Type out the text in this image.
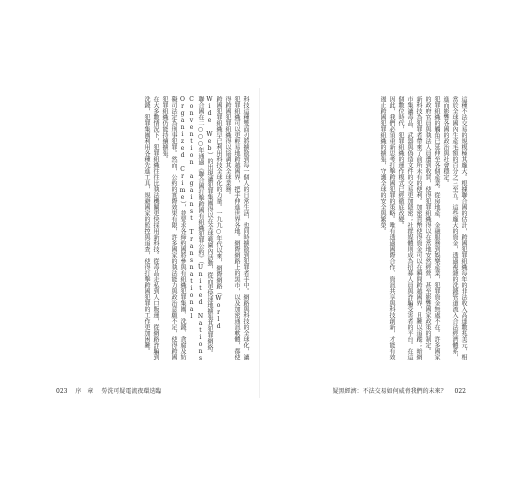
科技這種雙面刃將擴散到每一個人的日常生活，也同時擴散到犯罪者手中。網路與科技的全球化，讓犯罪組織可以更輕易地跨越國界，把手伸進世界各地。網際網路上的黑市，以及加密通訊軟體，都使得跨國犯罪組織得以協調其全球業務。

跨國犯罪組織早已利用科技全球化的力量。一九九○年代以來，網際網路（World Wide Web）的出現讓犯罪集團得以在全球範圍內活動，從而更快速地擴張其犯罪網絡。

聯合國在二○○○年通過《聯合國打擊跨國有組織犯罪公約》（United Nations Convention against Transnational Organized Crime），並要求各締約國將參與有組織犯罪集團、洗錢、貪腐及妨礙司法定為刑事犯罪。然而，公約的實際效果有限，許多國家的執法能力與政治意願不足，使得跨國犯罪組織仍能持續擴張。

在大多數情況下，犯罪組織往往比執法機關更快採用新科技。從毒品走私到人口販運，從網路詐騙到洗錢，犯罪集團利用各種先進工具，規避國家的監控與追查，使得打擊跨國犯罪的工作更加困難。	這種不法交易的規模極其龐大。根據聯合國的估計，跨國犯罪組織每年的非法收入高達數兆美元，相當於全球國內生產毛額的百分之三至五。這些龐大的資金，透過複雜的洗錢管道流入合法經濟體系，進而影響各國的政治與社會穩定。

犯罪組織的觸角已延伸至各個產業。從房地產、金融服務到娛樂產業，犯罪資金無處不在。許多國家的政府官員與執法人員遭到收買，使得犯罪組織得以在當地安然經營，甚至影響國家政策的制定。

新科技為犯罪者帶來了前所未有的便利。加密貨幣使得資金可以在瞬間跨越國界，且難以追蹤；暗網市集讓毒品、武器與偽造文件的交易更加隱密；社群媒體則成為招募人員與詐騙受害者的平台。在這個數位時代，犯罪組織的運作模式已經徹底改變。

因此，我們必須重新思考打擊跨國犯罪的策略。唯有透過國際合作、資訊共享與科技創新，才能有效遏止跨國犯罪組織的擴張，守護全球的安全與繁榮。

023 序　章 勞洗可疑電流夜環迭臨	疑黑經濟：不法交易如何威脅我們的未來？ 022
